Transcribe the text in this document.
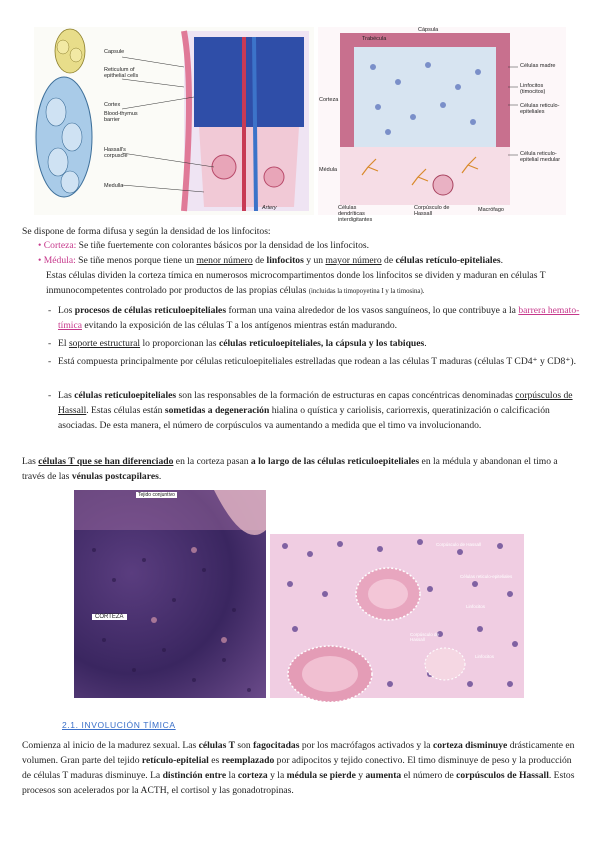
Capsule
Reticulum of epithelial cells
Cortex
Blood-thymus barrier
Hassall's corpuscle
Medulla
Artery
Cápsula
Trabécula
Corteza
Médula
Células madre
Linfocitos (timocitos)
Células reticulo-epiteliales
Célula reticulo-epitelial medular
Células dendríticas interdigitantes
Corpúsculo de Hassall
Macrófago
Se dispone de forma difusa y según la densidad de los linfocitos:
• Corteza: Se tiñe fuertemente con colorantes básicos por la densidad de los linfocitos.
• Médula: Se tiñe menos porque tiene un menor número de linfocitos y un mayor número de células retículo-epiteliales.
Estas células dividen la corteza tímica en numerosos microcompartimentos donde los linfocitos se dividen y maduran en células T inmunocompetentes controlado por productos de las propias células (incluidas la timopoyetina I y la timosina).
- Los procesos de células reticuloepiteliales forman una vaina alrededor de los vasos sanguíneos, lo que contribuye a la barrera hemato-tímica evitando la exposición de las células T a los antígenos mientras están madurando.
- El soporte estructural lo proporcionan las células reticuloepiteliales, la cápsula y los tabiques.
- Está compuesta principalmente por células reticuloepiteliales estrelladas que rodean a las células T maduras (células T CD4⁺ y CD8⁺).
- Las células reticuloepiteliales son las responsables de la formación de estructuras en capas concéntricas denominadas corpúsculos de Hassall. Estas células están sometidas a degeneración hialina o quística y cariolisis, cariorrexis, queratinización o calcificación asociadas. De esta manera, el número de corpúsculos va aumentando a medida que el timo va involucionando.
Las células T que se han diferenciado en la corteza pasan a lo largo de las células reticuloepiteliales en la médula y abandonan el timo a través de las vénulas postcapilares.
Tejido conjuntivo
CORTEZA
Corpúsculo de Hassall
Células reticulo-epiteliales
Linfocitos
Corpúsculo de Hassall
Linfocitos
2.1. INVOLUCIÓN TÍMICA
Comienza al inicio de la madurez sexual. Las células T son fagocitadas por los macrófagos activados y la corteza disminuye drásticamente en volumen. Gran parte del tejido retículo-epitelial es reemplazado por adipocitos y tejido conectivo. El timo disminuye de peso y la producción de células T maduras disminuye. La distinción entre la corteza y la médula se pierde y aumenta el número de corpúsculos de Hassall. Estos procesos son acelerados por la ACTH, el cortisol y las gonadotropinas.
